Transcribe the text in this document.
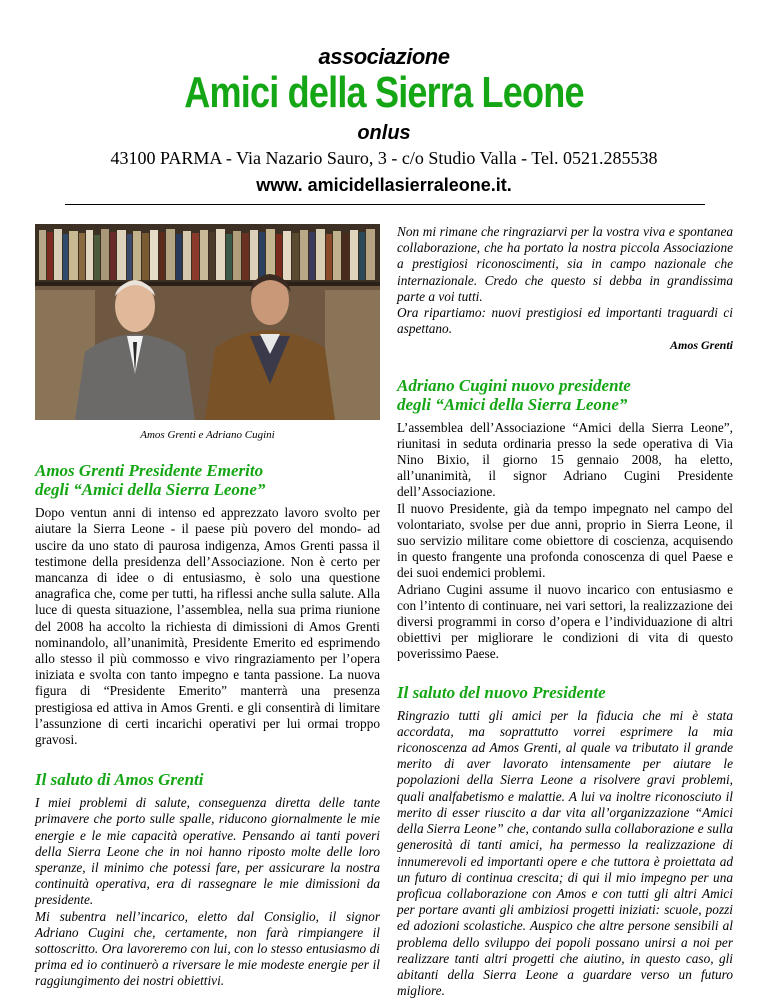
associazione
Amici della Sierra Leone
onlus
43100 PARMA - Via Nazario Sauro, 3 - c/o Studio Valla - Tel. 0521.285538
www. amicidellasierraleone.it.
Amos Grenti e Adriano Cugini
Amos Grenti Presidente Emerito
degli “Amici della Sierra Leone”

Dopo ventun anni di intenso ed apprezzato lavoro svolto per aiutare la Sierra Leone - il paese più povero del mondo- ad uscire da uno stato di paurosa indigenza, Amos Grenti passa il testimone della presidenza dell’Associazione. Non è certo per mancanza di idee o di entusiasmo, è solo una questione anagrafica che, come per tutti, ha riflessi anche sulla salute. Alla luce di questa situazione, l’assemblea, nella sua prima riunione del 2008 ha accolto la richiesta di dimissioni di Amos Grenti nominandolo, all’unanimità, Presidente Emerito ed esprimendo allo stesso il più commosso e vivo ringraziamento per l’opera iniziata e svolta con tanto impegno e tanta passione. La nuova figura di “Presidente Emerito” manterrà una presenza prestigiosa ed attiva in Amos Grenti. e gli consentirà di limitare l’assunzione di certi incarichi operativi per lui ormai troppo gravosi.

Il saluto di Amos Grenti

I miei problemi di salute, conseguenza diretta delle tante primavere che porto sulle spalle, riducono giornalmente le mie energie e le mie capacità operative. Pensando ai tanti poveri della Sierra Leone che in noi hanno riposto molte delle loro speranze, il minimo che potessi fare, per assicurare la nostra continuità operativa, era di rassegnare le mie dimissioni da presidente.

Mi subentra nell’incarico, eletto dal Consiglio, il signor Adriano Cugini che, certamente, non farà rimpiangere il sottoscritto. Ora lavoreremo con lui, con lo stesso entusiasmo di prima ed io continuerò a riversare le mie modeste energie per il raggiungimento dei nostri obiettivi.

Non mi rimane che ringraziarvi per la vostra viva e spontanea collaborazione, che ha portato la nostra piccola Associazione a prestigiosi riconoscimenti, sia in campo nazionale che internazionale. Credo che questo si debba in grandissima parte a voi tutti.

Ora ripartiamo: nuovi prestigiosi ed importanti traguardi ci aspettano.

Amos Grenti
Adriano Cugini nuovo presidente
degli “Amici della Sierra Leone”

L’assemblea dell’Associazione “Amici della Sierra Leone”, riunitasi in seduta ordinaria presso la sede operativa di Via Nino Bixio, il giorno 15 gennaio 2008, ha eletto, all’unanimità, il signor Adriano Cugini Presidente dell’Associazione.

Il nuovo Presidente, già da tempo impegnato nel campo del volontariato, svolse per due anni, proprio in Sierra Leone, il suo servizio militare come obiettore di coscienza, acquisendo in questo frangente una profonda conoscenza di quel Paese e dei suoi endemici problemi.

Adriano Cugini assume il nuovo incarico con entusiasmo e con l’intento di continuare, nei vari settori, la realizzazione dei diversi programmi in corso d’opera e l’individuazione di altri obiettivi per migliorare le condizioni di vita di questo poverissimo Paese.

Il saluto del nuovo Presidente

Ringrazio tutti gli amici per la fiducia che mi è stata accordata, ma soprattutto vorrei esprimere la mia riconoscenza ad Amos Grenti, al quale va tributato il grande merito di aver lavorato intensamente per aiutare le popolazioni della Sierra Leone a risolvere gravi problemi, quali analfabetismo e malattie. A lui va inoltre riconosciuto il merito di esser riuscito a dar vita all’organizzazione “Amici della Sierra Leone” che, contando sulla collaborazione e sulla generosità di tanti amici, ha permesso la realizzazione di innumerevoli ed importanti opere e che tuttora è proiettata ad un futuro di continua crescita; di qui il mio impegno per una proficua collaborazione con Amos e con tutti gli altri Amici per portare avanti gli ambiziosi progetti iniziati: scuole, pozzi ed adozioni scolastiche. Auspico che altre persone sensibili al problema dello sviluppo dei popoli possano unirsi a noi per realizzare tanti altri progetti che aiutino, in questo caso, gli abitanti della Sierra Leone a guardare verso un futuro migliore.
